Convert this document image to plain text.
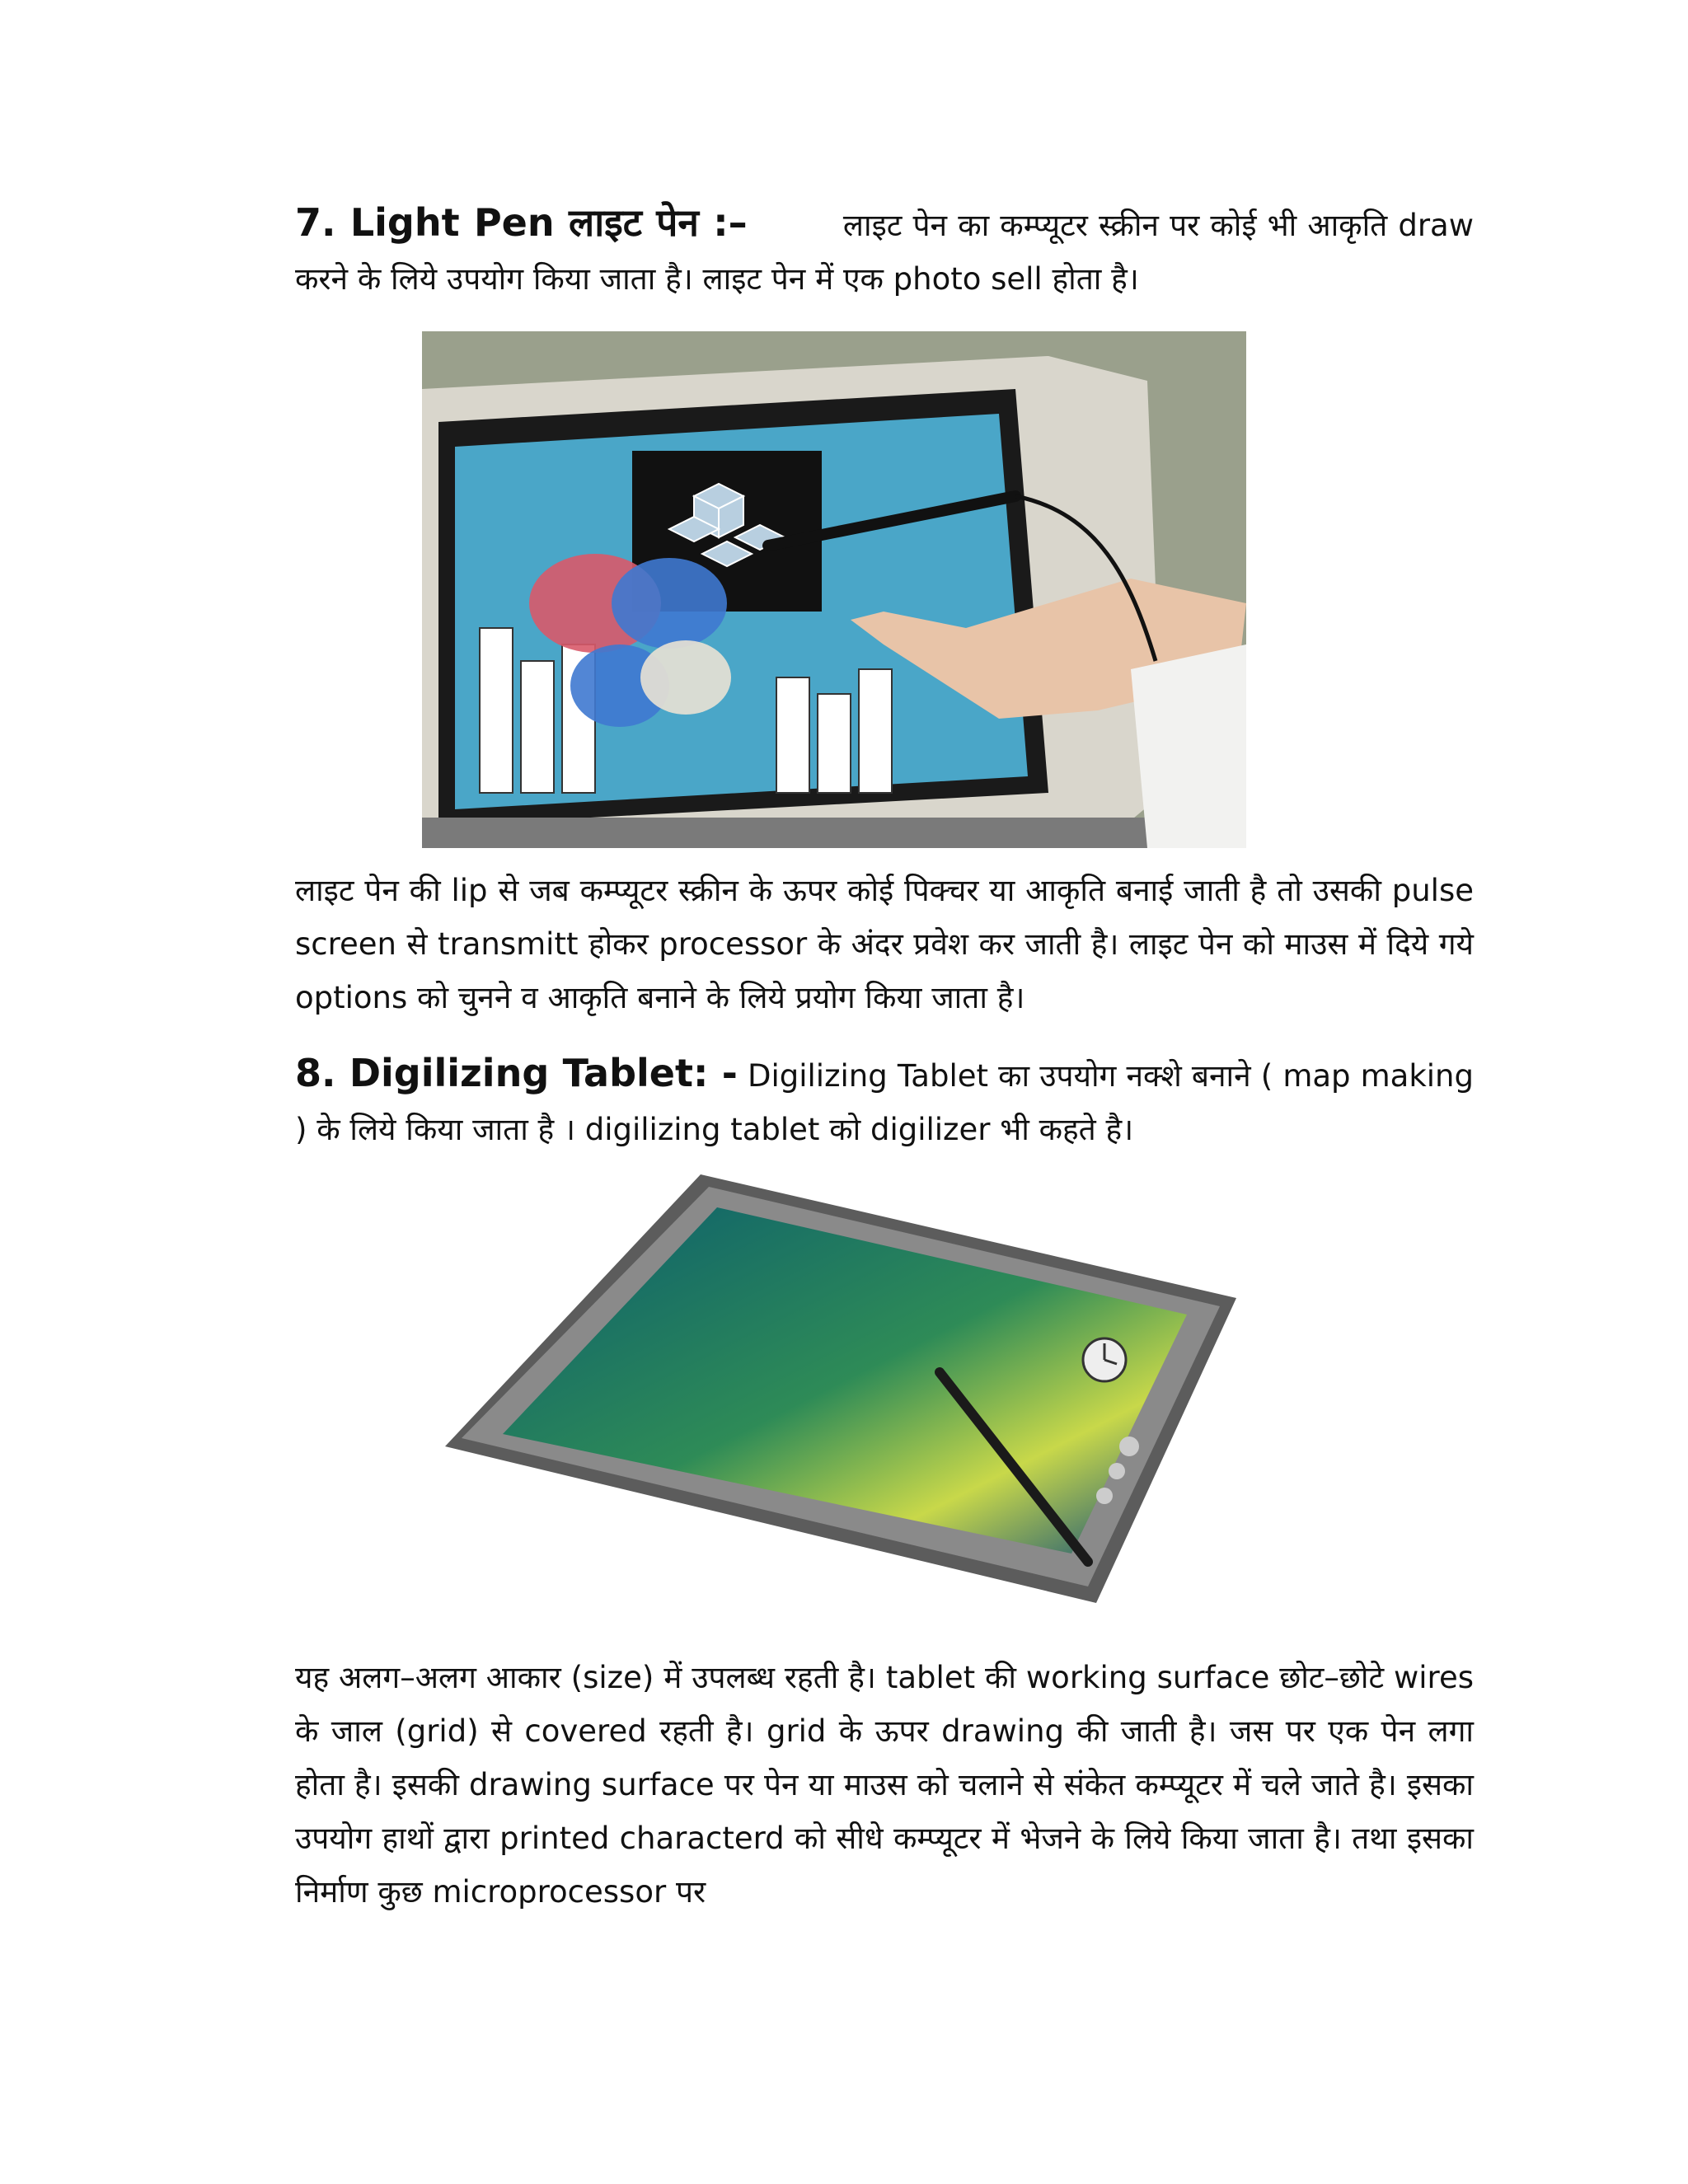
7. Light Pen लाइट पेन :–	लाइट पेन का कम्प्यूटर स्क्रीन पर कोई भी आकृति draw करने के लिये उपयोग किया जाता है। लाइट पेन में एक photo sell होता है।

लाइट पेन की lip से जब कम्प्यूटर स्क्रीन के ऊपर कोई पिक्चर या आकृति बनाई जाती है तो उसकी pulse screen से transmitt होकर processor के अंदर प्रवेश कर जाती है। लाइट पेन को माउस में दिये गये options को चुनने व आकृति बनाने के लिये प्रयोग किया जाता है।

8. Digilizing Tablet: - Digilizing Tablet का उपयोग नक्शे बनाने ( map making ) के लिये किया जाता है । digilizing tablet को digilizer भी कहते है।

यह अलग–अलग आकार (size) में उपलब्ध रहती है। tablet की working surface छोट–छोटे wires के जाल (grid) से covered रहती है। grid के ऊपर drawing की जाती है। जस पर एक पेन लगा होता है। इसकी drawing surface पर पेन या माउस को चलाने से संकेत कम्प्यूटर में चले जाते है। इसका उपयोग हाथों द्वारा printed characterd को सीधे कम्प्यूटर में भेजने के लिये किया जाता है। तथा इसका निर्माण कुछ microprocessor पर
